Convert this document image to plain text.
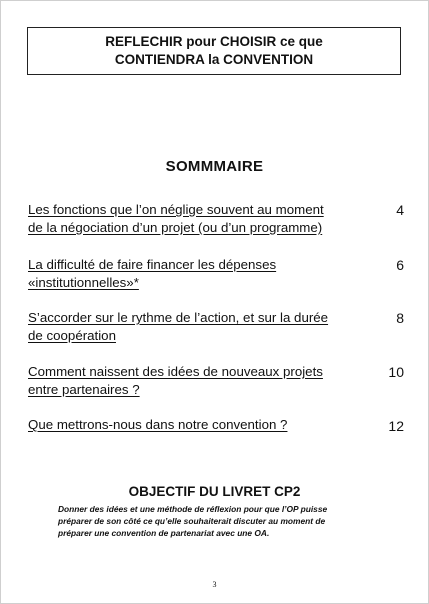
REFLECHIR pour CHOISIR ce que
CONTIENDRA la CONVENTION
SOMMMAIRE
Les fonctions que l’on néglige souvent au moment
de la négociation d’un projet (ou d’un programme)
4
La difficulté de faire financer les dépenses
«institutionnelles»*
6
S’accorder sur le rythme de l’action, et sur la durée
de coopération
8
Comment naissent des idées de nouveaux projets
entre partenaires ?
10
Que mettrons-nous dans notre convention ?	12
OBJECTIF DU LIVRET CP2
Donner des idées et une méthode de réflexion pour que l’OP puisse
préparer de son côté ce qu’elle souhaiterait discuter au moment de
préparer une convention de partenariat avec une OA.
3
